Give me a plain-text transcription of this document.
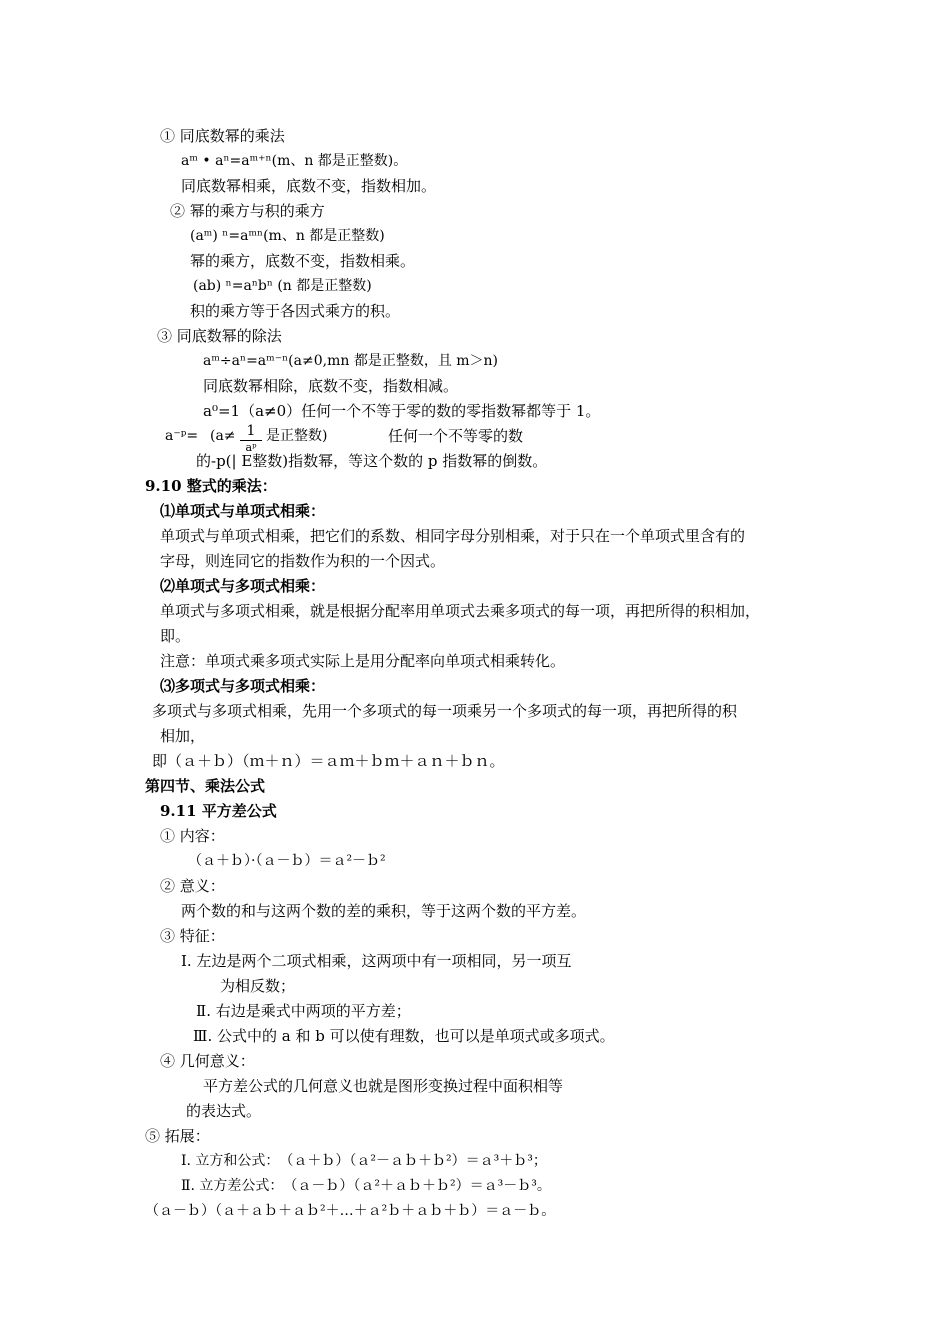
① 同底数幂的乘法
aᵐ • aⁿ=aᵐ⁺ⁿ(m、n 都是正整数)。
同底数幂相乘，底数不变，指数相加。
② 幂的乘方与积的乘方
(aᵐ) ⁿ=aᵐⁿ(m、n 都是正整数)
幂的乘方，底数不变，指数相乘。
(ab) ⁿ=aⁿbⁿ (n 都是正整数)
积的乘方等于各因式乘方的积。
③ 同底数幂的除法
aᵐ÷aⁿ=aᵐ⁻ⁿ(a≠0,mn 都是正整数，且 m＞n)
同底数幂相除，底数不变，指数相减。
a⁰=1（a≠0）任何一个不等于零的数的零指数幂都等于 1。
a⁻ᵖ= (a≠ 1
aᵖ
是正整数)	任何一个不等零的数
的-p(| E整数)指数幂，等这个数的 p 指数幂的倒数。
9.10 整式的乘法：
⑴单项式与单项式相乘：
单项式与单项式相乘，把它们的系数、相同字母分别相乘，对于只在一个单项式里含有的
字母，则连同它的指数作为积的一个因式。
⑵单项式与多项式相乘：
单项式与多项式相乘，就是根据分配率用单项式去乘多项式的每一项，再把所得的积相加，
即。
注意：单项式乘多项式实际上是用分配率向单项式相乘转化。
⑶多项式与多项式相乘：
多项式与多项式相乘，先用一个多项式的每一项乘另一个多项式的每一项，再把所得的积
相加，
即（ａ＋ｂ）（ｍ＋ｎ）＝ａｍ＋ｂｍ＋ａｎ＋ｂｎ。
第四节、乘法公式
9.11 平方差公式
① 内容：
（ａ＋ｂ）·（ａ－ｂ）＝ａ²－ｂ²
② 意义：
两个数的和与这两个数的差的乘积，等于这两个数的平方差。
③ 特征：
Ⅰ. 左边是两个二项式相乘，这两项中有一项相同，另一项互
为相反数；
Ⅱ. 右边是乘式中两项的平方差；
Ⅲ. 公式中的 a 和 b 可以使有理数，也可以是单项式或多项式。
④ 几何意义：
平方差公式的几何意义也就是图形变换过程中面积相等
的表达式。
⑤ 拓展：
Ⅰ. 立方和公式：　（ａ＋ｂ）（ａ²－ａｂ＋ｂ²）＝ａ³＋ｂ³；
Ⅱ. 立方差公式：　（ａ－ｂ）（ａ²＋ａｂ＋ｂ²）＝ａ³－ｂ³。
（ａ－ｂ）（ａ＋ａｂ＋ａｂ²＋…＋ａ²ｂ＋ａｂ＋ｂ）＝ａ－ｂ。
